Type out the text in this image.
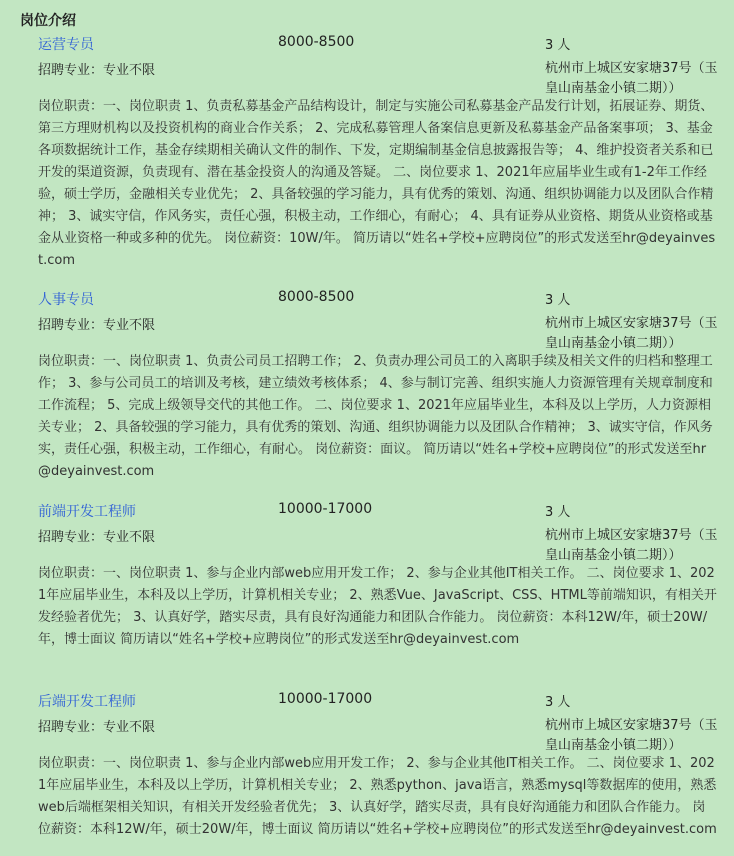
岗位介绍
运营专员	8000-8500	3 人
招聘专业：专业不限	杭州市上城区安家塘37号（玉皇山南基金小镇二期））
岗位职责：一、岗位职责 1、负责私募基金产品结构设计，制定与实施公司私募基金产品发行计划，拓展证券、期货、第三方理财机构以及投资机构的商业合作关系； 2、完成私募管理人备案信息更新及私募基金产品备案事项； 3、基金各项数据统计工作，基金存续期相关确认文件的制作、下发，定期编制基金信息披露报告等； 4、维护投资者关系和已开发的渠道资源，负责现有、潜在基金投资人的沟通及答疑。 二、岗位要求 1、2021年应届毕业生或有1-2年工作经验，硕士学历，金融相关专业优先； 2、具备较强的学习能力，具有优秀的策划、沟通、组织协调能力以及团队合作精神； 3、诚实守信，作风务实，责任心强，积极主动，工作细心，有耐心； 4、具有证券从业资格、期货从业资格或基金从业资格一种或多种的优先。 岗位薪资：10W/年。 简历请以“姓名+学校+应聘岗位”的形式发送至hr@deyainvest.com
人事专员	8000-8500	3 人
招聘专业：专业不限	杭州市上城区安家塘37号（玉皇山南基金小镇二期））
岗位职责：一、岗位职责 1、负责公司员工招聘工作； 2、负责办理公司员工的入离职手续及相关文件的归档和整理工作； 3、参与公司员工的培训及考核，建立绩效考核体系； 4、参与制订完善、组织实施人力资源管理有关规章制度和工作流程； 5、完成上级领导交代的其他工作。 二、岗位要求 1、2021年应届毕业生，本科及以上学历，人力资源相关专业； 2、具备较强的学习能力，具有优秀的策划、沟通、组织协调能力以及团队合作精神； 3、诚实守信，作风务实，责任心强，积极主动，工作细心，有耐心。 岗位薪资：面议。 简历请以“姓名+学校+应聘岗位”的形式发送至hr@deyainvest.com
前端开发工程师	10000-17000	3 人
招聘专业：专业不限	杭州市上城区安家塘37号（玉皇山南基金小镇二期））
岗位职责：一、岗位职责 1、参与企业内部web应用开发工作； 2、参与企业其他IT相关工作。 二、岗位要求 1、2021年应届毕业生，本科及以上学历，计算机相关专业； 2、熟悉Vue、JavaScript、CSS、HTML等前端知识，有相关开发经验者优先； 3、认真好学，踏实尽责，具有良好沟通能力和团队合作能力。 岗位薪资：本科12W/年，硕士20W/年，博士面议 简历请以“姓名+学校+应聘岗位”的形式发送至hr@deyainvest.com
后端开发工程师	10000-17000	3 人
招聘专业：专业不限	杭州市上城区安家塘37号（玉皇山南基金小镇二期））
岗位职责：一、岗位职责 1、参与企业内部web应用开发工作； 2、参与企业其他IT相关工作。 二、岗位要求 1、2021年应届毕业生，本科及以上学历，计算机相关专业； 2、熟悉python、java语言，熟悉mysql等数据库的使用，熟悉web后端框架相关知识，有相关开发经验者优先； 3、认真好学，踏实尽责，具有良好沟通能力和团队合作能力。 岗位薪资：本科12W/年，硕士20W/年，博士面议 简历请以“姓名+学校+应聘岗位”的形式发送至hr@deyainvest.com
